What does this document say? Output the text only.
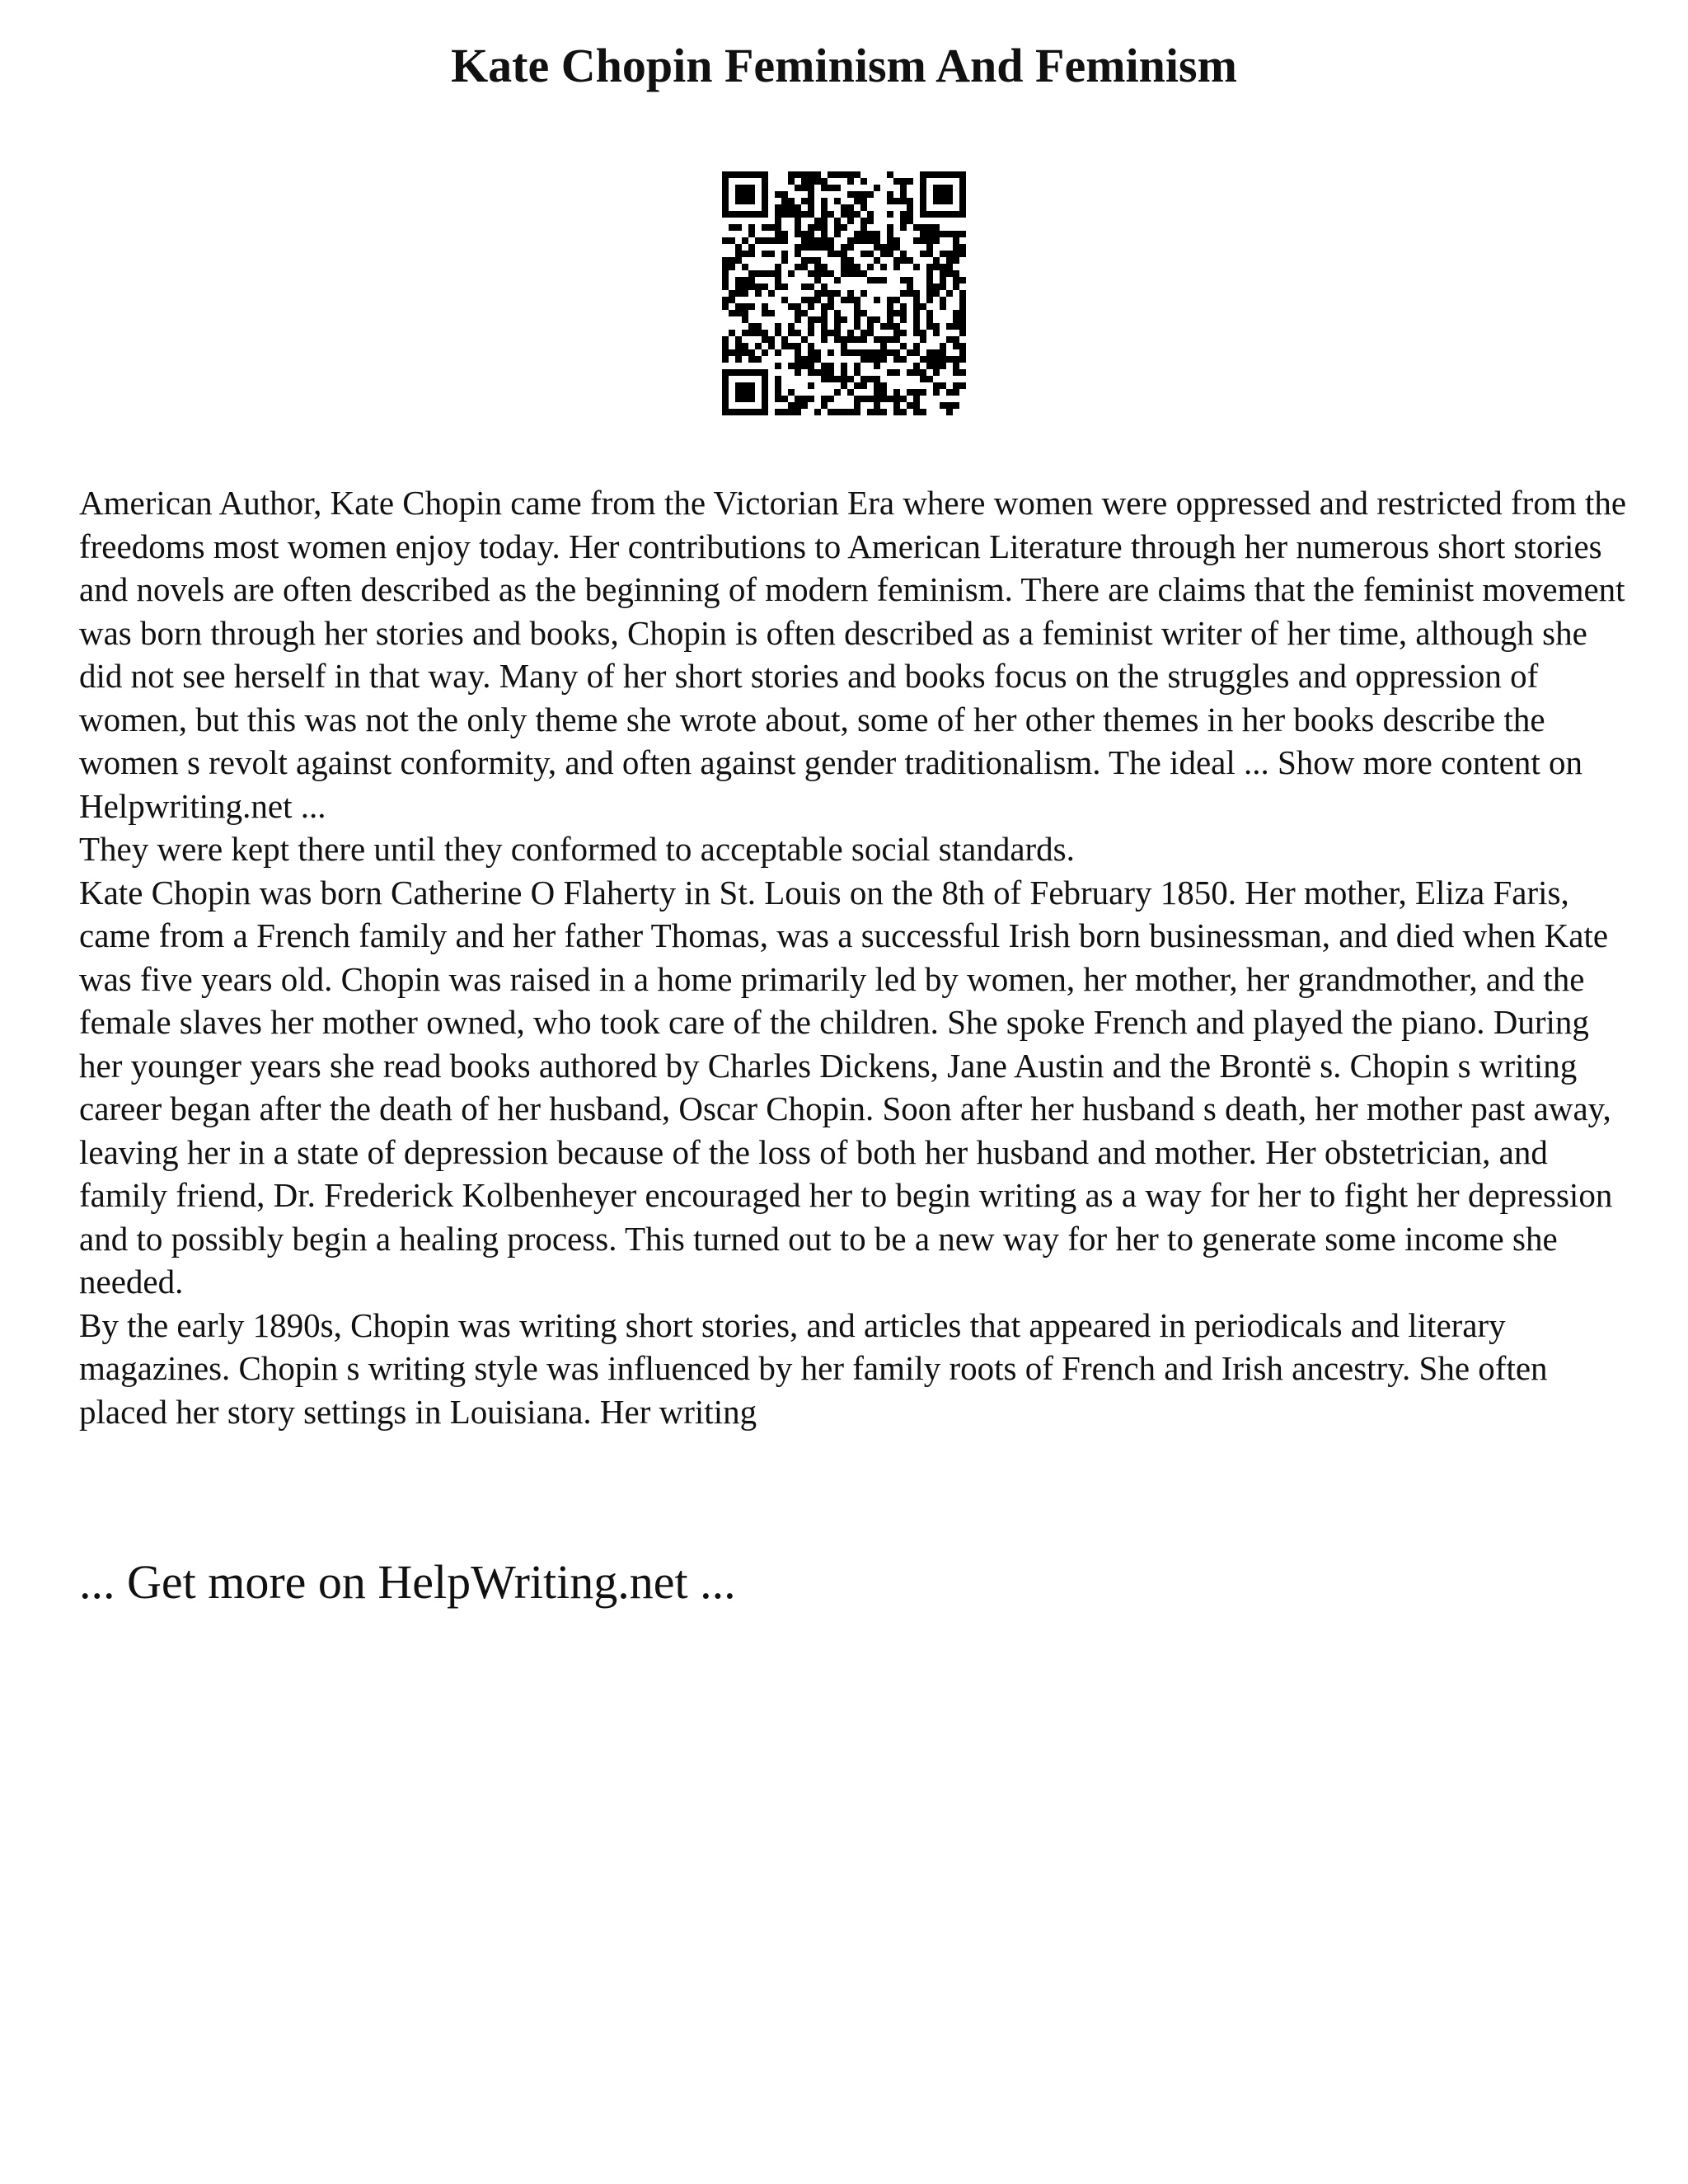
Kate Chopin Feminism And Feminism

American Author, Kate Chopin came from the Victorian Era where women were oppressed and restricted from the freedoms most women enjoy today. Her contributions to American Literature through her numerous short stories and novels are often described as the beginning of modern feminism. There are claims that the feminist movement was born through her stories and books, Chopin is often described as a feminist writer of her time, although she did not see herself in that way. Many of her short stories and books focus on the struggles and oppression of women, but this was not the only theme she wrote about, some of her other themes in her books describe the women s revolt against conformity, and often against gender traditionalism. The ideal ... Show more content on Helpwriting.net ...

They were kept there until they conformed to acceptable social standards.

Kate Chopin was born Catherine O Flaherty in St. Louis on the 8th of February 1850. Her mother, Eliza Faris, came from a French family and her father Thomas, was a successful Irish born businessman, and died when Kate was five years old. Chopin was raised in a home primarily led by women, her mother, her grandmother, and the female slaves her mother owned, who took care of the children. She spoke French and played the piano. During her younger years she read books authored by Charles Dickens, Jane Austin and the Brontë s. Chopin s writing career began after the death of her husband, Oscar Chopin. Soon after her husband s death, her mother past away, leaving her in a state of depression because of the loss of both her husband and mother. Her obstetrician, and family friend, Dr. Frederick Kolbenheyer encouraged her to begin writing as a way for her to fight her depression and to possibly begin a healing process. This turned out to be a new way for her to generate some income she needed.

By the early 1890s, Chopin was writing short stories, and articles that appeared in periodicals and literary magazines. Chopin s writing style was influenced by her family roots of French and Irish ancestry. She often placed her story settings in Louisiana. Her writing

... Get more on HelpWriting.net ...
